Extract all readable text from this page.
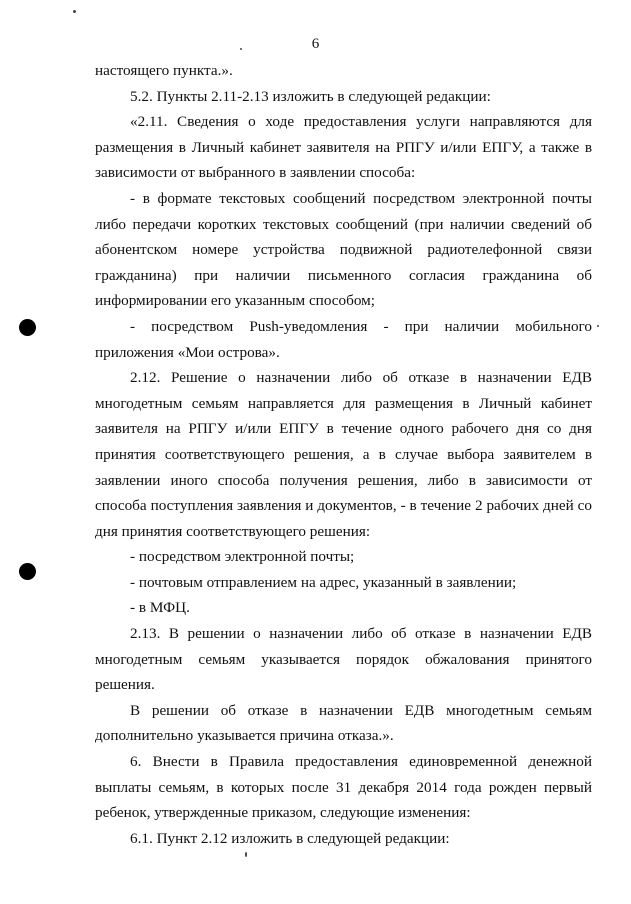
6

настоящего пункта.».

5.2. Пункты 2.11-2.13 изложить в следующей редакции:

«2.11. Сведения о ходе предоставления услуги направляются для размещения в Личный кабинет заявителя на РПГУ и/или ЕПГУ, а также в зависимости от выбранного в заявлении способа:

- в формате текстовых сообщений посредством электронной почты либо передачи коротких текстовых сообщений (при наличии сведений об абонентском номере устройства подвижной радиотелефонной связи гражданина) при наличии письменного согласия гражданина об информировании его указанным способом;

- посредством Push-уведомления - при наличии мобильного приложения «Мои острова».

2.12. Решение о назначении либо об отказе в назначении ЕДВ многодетным семьям направляется для размещения в Личный кабинет заявителя на РПГУ и/или ЕПГУ в течение одного рабочего дня со дня принятия соответствующего решения, а в случае выбора заявителем в заявлении иного способа получения решения, либо в зависимости от способа поступления заявления и документов, - в течение 2 рабочих дней со дня принятия соответствующего решения:

- посредством электронной почты;

- почтовым отправлением на адрес, указанный в заявлении;

- в МФЦ.

2.13. В решении о назначении либо об отказе в назначении ЕДВ многодетным семьям указывается порядок обжалования принятого решения.

В решении об отказе в назначении ЕДВ многодетным семьям дополнительно указывается причина отказа.».

6. Внести в Правила предоставления единовременной денежной выплаты семьям, в которых после 31 декабря 2014 года рожден первый ребенок, утвержденные приказом, следующие изменения:

6.1. Пункт 2.12 изложить в следующей редакции:
